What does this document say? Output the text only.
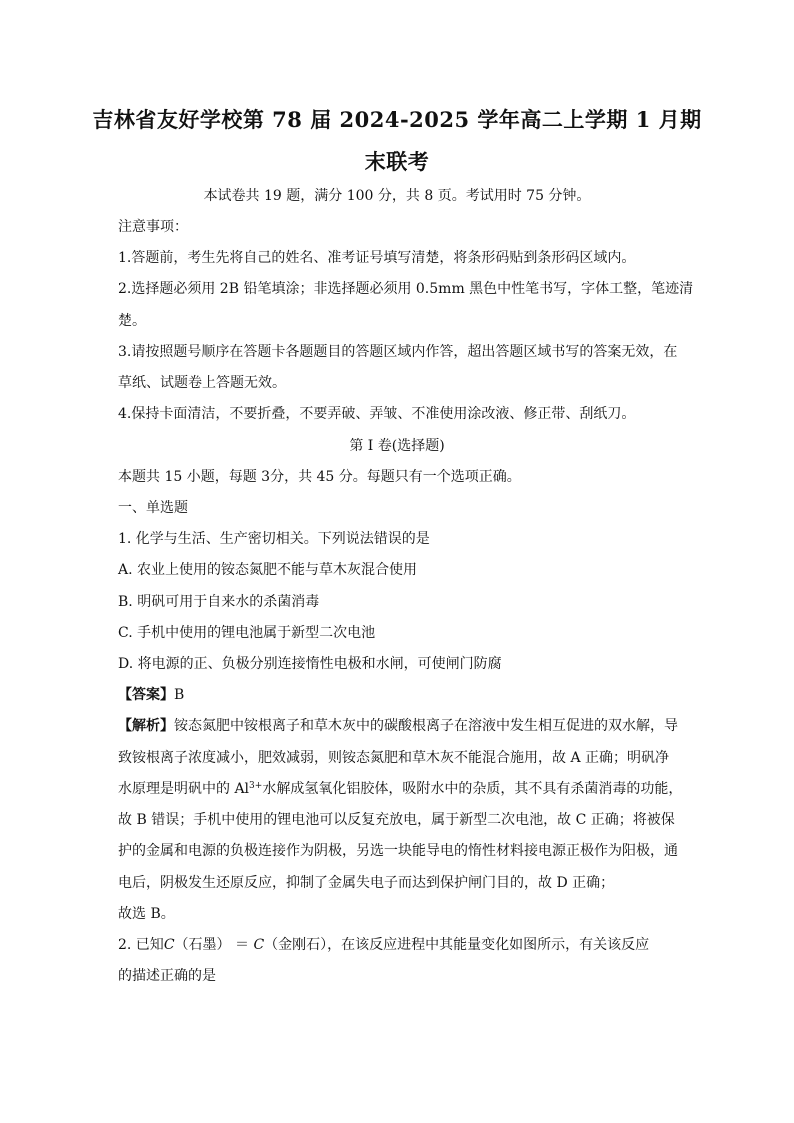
吉林省友好学校第 78 届 2024-2025 学年高二上学期 1 月期
末联考
本试卷共 19 题，满分 100 分，共 8 页。考试用时 75 分钟。
注意事项：
1.答题前，考生先将自己的姓名、准考证号填写清楚，将条形码贴到条形码区域内。
2.选择题必须用 2B 铅笔填涂；非选择题必须用 0.5mm 黑色中性笔书写，字体工整，笔迹清
楚。
3.请按照题号顺序在答题卡各题题目的答题区域内作答，超出答题区域书写的答案无效，在
草纸、试题卷上答题无效。
4.保持卡面清洁，不要折叠，不要弄破、弄皱、不准使用涂改液、修正带、刮纸刀。
第 I 卷(选择题)
本题共 15 小题，每题 3分，共 45 分。每题只有一个选项正确。
一、单选题
1. 化学与生活、生产密切相关。下列说法错误的是
A. 农业上使用的铵态氮肥不能与草木灰混合使用
B. 明矾可用于自来水的杀菌消毒
C. 手机中使用的锂电池属于新型二次电池
D. 将电源的正、负极分别连接惰性电极和水闸，可使闸门防腐
【答案】B
【解析】铵态氮肥中铵根离子和草木灰中的碳酸根离子在溶液中发生相互促进的双水解，导
致铵根离子浓度减小，肥效减弱，则铵态氮肥和草木灰不能混合施用，故 A 正确；明矾净
水原理是明矾中的 $Al^{3+}$水解成氢氧化铝胶体，吸附水中的杂质，其不具有杀菌消毒的功能，
故 B 错误；手机中使用的锂电池可以反复充放电，属于新型二次电池，故 C 正确；将被保
护的金属和电源的负极连接作为阴极，另选一块能导电的惰性材料接电源正极作为阳极，通
电后，阴极发生还原反应，抑制了金属失电子而达到保护闸门目的，故 D 正确；
故选 B。
2. 已知C（石墨） ＝ C（金刚石），在该反应进程中其能量变化如图所示，有关该反应
的描述正确的是
